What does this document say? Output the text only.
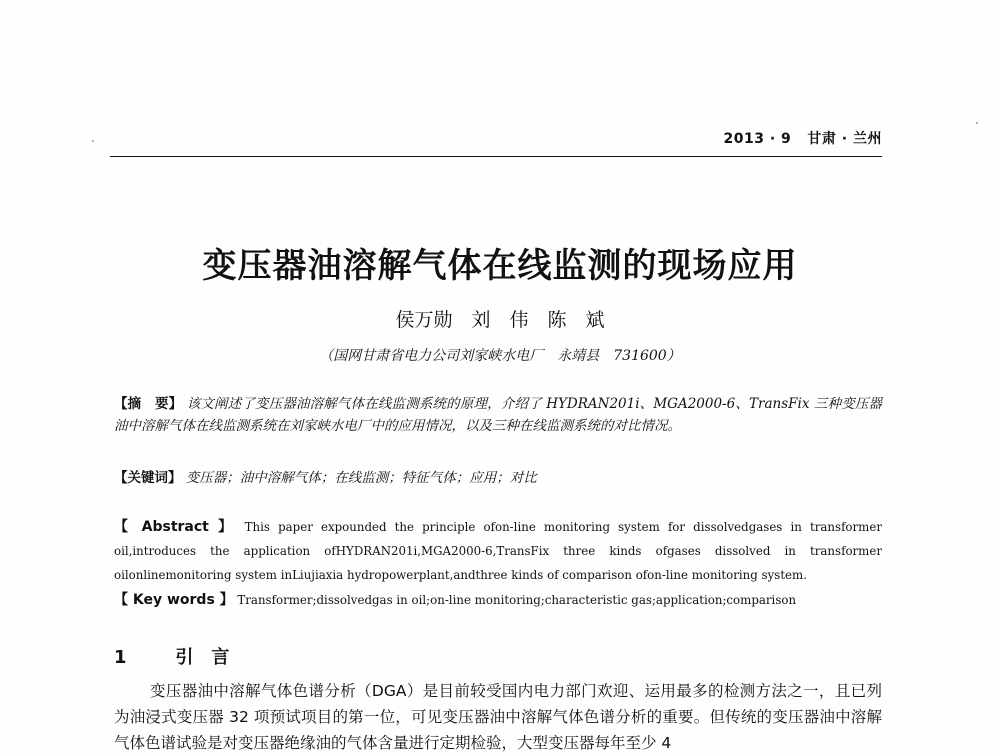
2013 · 9 甘肃 · 兰州
变压器油溶解气体在线监测的现场应用
侯万勋　刘　伟　陈　斌
（国网甘肃省电力公司刘家峡水电厂　永靖县　731600）
【摘　要】 该文阐述了变压器油溶解气体在线监测系统的原理，介绍了 HYDRAN201i、MGA2000-6、TransFix 三种变压器油中溶解气体在线监测系统在刘家峡水电厂中的应用情况，以及三种在线监测系统的对比情况。
【关键词】 变压器；油中溶解气体；在线监测；特征气体；应用；对比
【 Abstract 】 This paper expounded the principle ofon-line monitoring system for dissolvedgases in transformer oil,introduces the application ofHYDRAN201i,MGA2000-6,TransFix three kinds ofgases dissolved in transformer oilonlinemonitoring system inLiujiaxia hydropowerplant,andthree kinds of comparison ofon-line monitoring system.
【 Key words 】 Transformer;dissolvedgas in oil;on-line monitoring;characteristic gas;application;comparison
1	引　言
变压器油中溶解气体色谱分析（DGA）是目前较受国内电力部门欢迎、运用最多的检测方法之一，且已列为油浸式变压器 32 项预试项目的第一位，可见变压器油中溶解气体色谱分析的重要。但传统的变压器油中溶解气体色谱试验是对变压器绝缘油的气体含量进行定期检验，大型变压器每年至少 4
